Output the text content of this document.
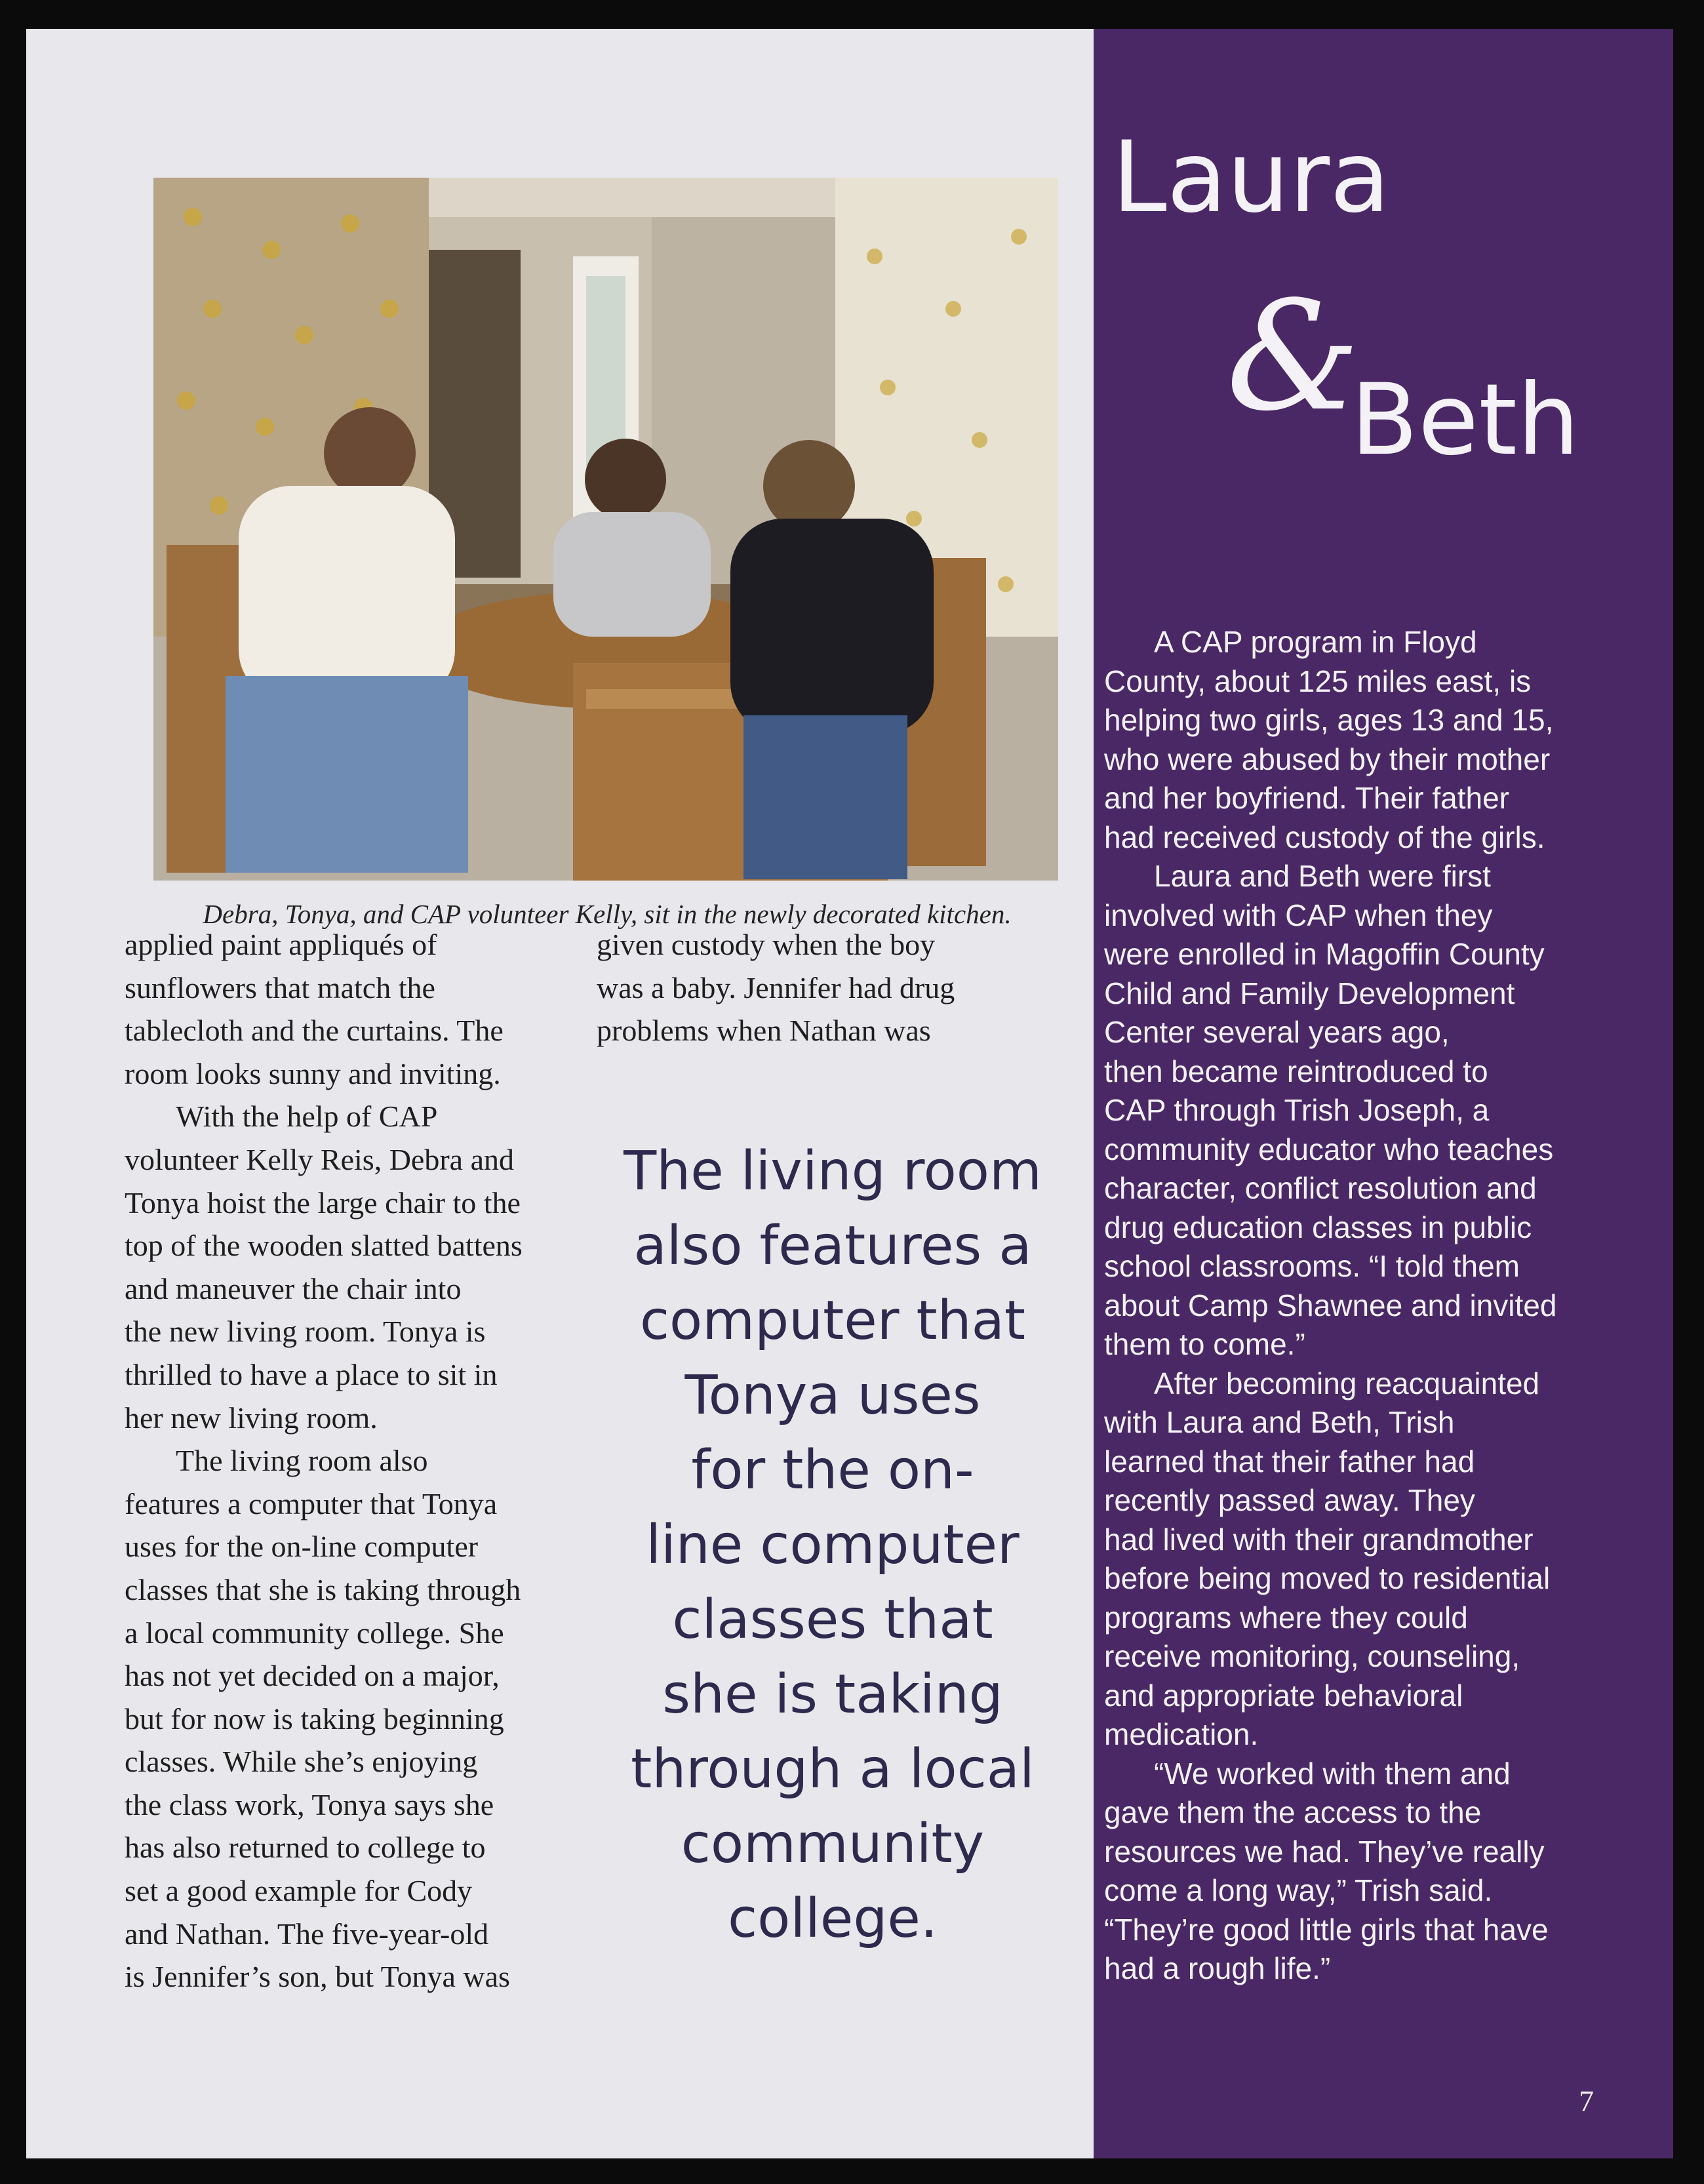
Debra, Tonya, and CAP volunteer Kelly, sit in the newly decorated kitchen.

applied paint appliqués of
sunflowers that match the
tablecloth and the curtains. The
room looks sunny and inviting.

With the help of CAP
volunteer Kelly Reis, Debra and
Tonya hoist the large chair to the
top of the wooden slatted battens
and maneuver the chair into
the new living room. Tonya is
thrilled to have a place to sit in
her new living room.

The living room also
features a computer that Tonya
uses for the on-line computer
classes that she is taking through
a local community college. She
has not yet decided on a major,
but for now is taking beginning
classes. While she’s enjoying
the class work, Tonya says she
has also returned to college to
set a good example for Cody
and Nathan. The five-year-old
is Jennifer’s son, but Tonya was

given custody when the boy
was a baby. Jennifer had drug
problems when Nathan was

The living room
also features a
computer that
Tonya uses
for the on-
line computer
classes that
she is taking
through a local
community
college.
Laura
&
Beth

A CAP program in Floyd
County, about 125 miles east, is
helping two girls, ages 13 and 15,
who were abused by their mother
and her boyfriend. Their father
had received custody of the girls.

Laura and Beth were first
involved with CAP when they
were enrolled in Magoffin County
Child and Family Development
Center several years ago,
then became reintroduced to
CAP through Trish Joseph, a
community educator who teaches
character, conflict resolution and
drug education classes in public
school classrooms. “I told them
about Camp Shawnee and invited
them to come.”

After becoming reacquainted
with Laura and Beth, Trish
learned that their father had
recently passed away. They
had lived with their grandmother
before being moved to residential
programs where they could
receive monitoring, counseling,
and appropriate behavioral
medication.

“We worked with them and
gave them the access to the
resources we had. They’ve really
come a long way,” Trish said.
“They’re good little girls that have
had a rough life.”

7
